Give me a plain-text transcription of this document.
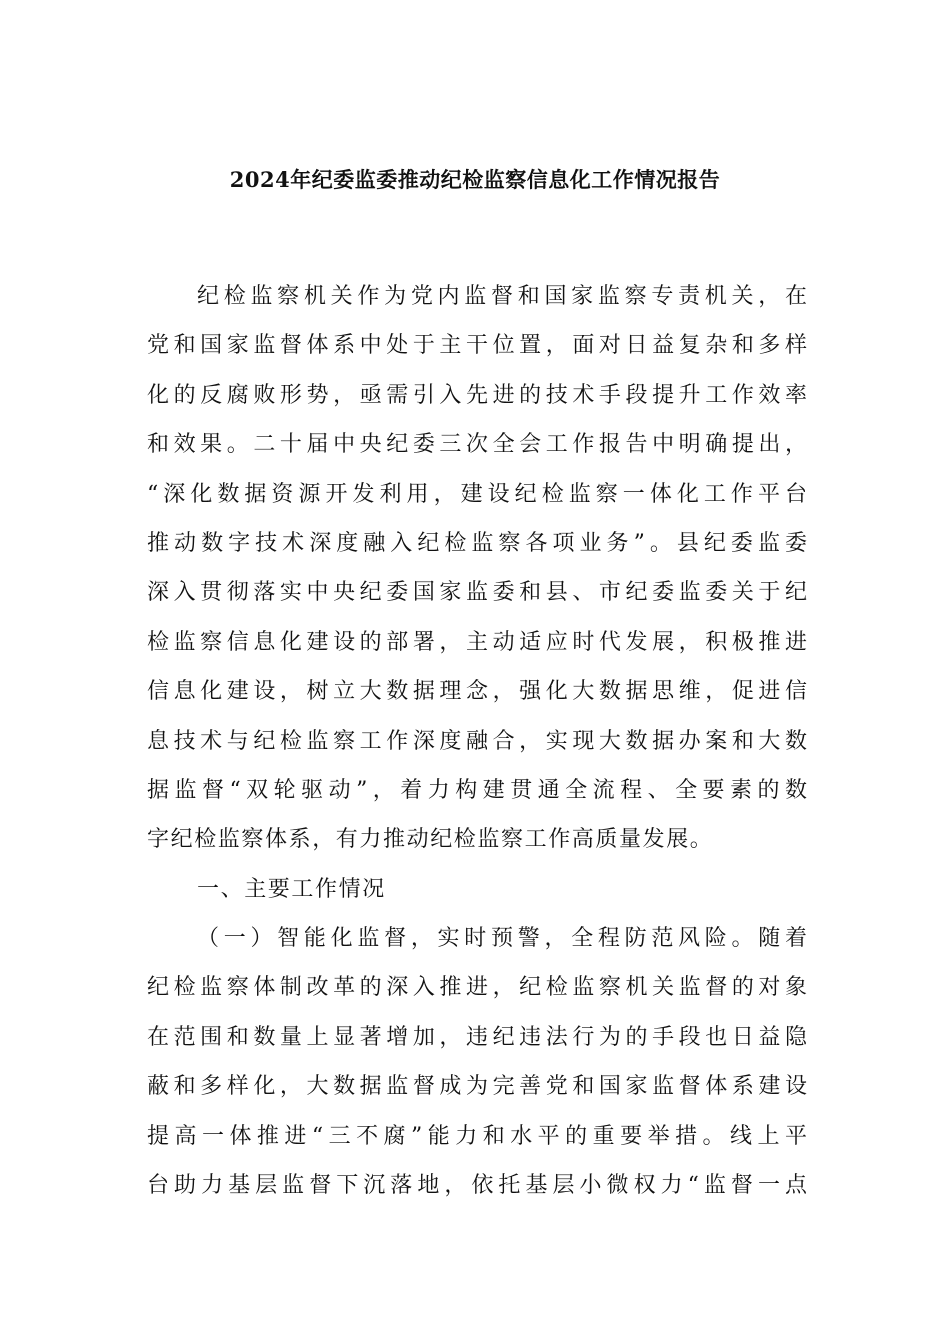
2024年纪委监委推动纪检监察信息化工作情况报告
纪检监察机关作为党内监督和国家监察专责机关，在
党和国家监督体系中处于主干位置，面对日益复杂和多样
化的反腐败形势，亟需引入先进的技术手段提升工作效率
和效果。二十届中央纪委三次全会工作报告中明确提出，
“深化数据资源开发利用，建设纪检监察一体化工作平台
推动数字技术深度融入纪检监察各项业务”。县纪委监委
深入贯彻落实中央纪委国家监委和县、市纪委监委关于纪
检监察信息化建设的部署，主动适应时代发展，积极推进
信息化建设，树立大数据理念，强化大数据思维，促进信
息技术与纪检监察工作深度融合，实现大数据办案和大数
据监督“双轮驱动”，着力构建贯通全流程、全要素的数
字纪检监察体系，有力推动纪检监察工作高质量发展。
一、主要工作情况
（一）智能化监督，实时预警，全程防范风险。随着
纪检监察体制改革的深入推进，纪检监察机关监督的对象
在范围和数量上显著增加，违纪违法行为的手段也日益隐
蔽和多样化，大数据监督成为完善党和国家监督体系建设
提高一体推进“三不腐”能力和水平的重要举措。线上平
台助力基层监督下沉落地，依托基层小微权力“监督一点
